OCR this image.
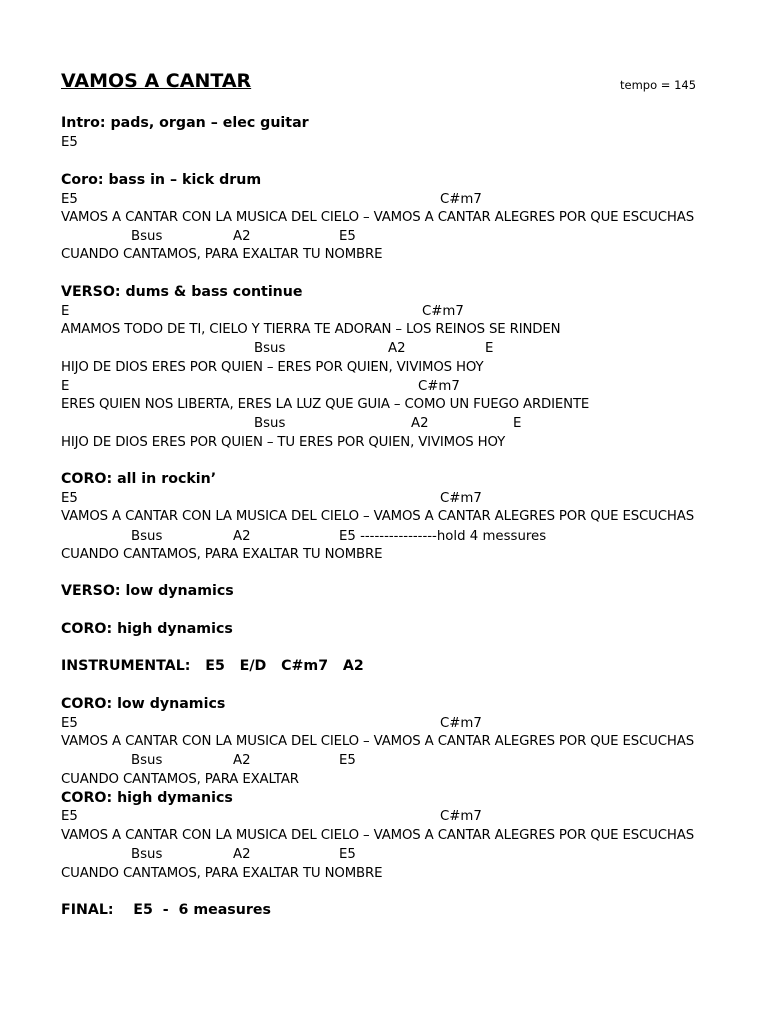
VAMOS A CANTAR	tempo = 145
Intro: pads, organ – elec guitar
E5
Coro: bass in – kick drum
E5	C#m7
VAMOS A CANTAR CON LA MUSICA DEL CIELO – VAMOS A CANTAR ALEGRES POR QUE ESCUCHAS
Bsus	A2	E5
CUANDO CANTAMOS, PARA EXALTAR TU NOMBRE
VERSO: dums & bass continue
E	C#m7
AMAMOS TODO DE TI, CIELO Y TIERRA TE ADORAN – LOS REINOS SE RINDEN
Bsus	A2	E
HIJO DE DIOS ERES POR QUIEN – ERES POR QUIEN, VIVIMOS HOY
E	C#m7
ERES QUIEN NOS LIBERTA, ERES LA LUZ QUE GUIA – COMO UN FUEGO ARDIENTE
Bsus	A2	E
HIJO DE DIOS ERES POR QUIEN – TU ERES POR QUIEN, VIVIMOS HOY
CORO: all in rockin’
E5	C#m7
VAMOS A CANTAR CON LA MUSICA DEL CIELO – VAMOS A CANTAR ALEGRES POR QUE ESCUCHAS
Bsus	A2	E5 ----------------hold 4 messures
CUANDO CANTAMOS, PARA EXALTAR TU NOMBRE
VERSO: low dynamics
CORO: high dynamics
INSTRUMENTAL:   E5   E/D   C#m7   A2
CORO: low dynamics
E5	C#m7
VAMOS A CANTAR CON LA MUSICA DEL CIELO – VAMOS A CANTAR ALEGRES POR QUE ESCUCHAS
Bsus	A2	E5
CUANDO CANTAMOS, PARA EXALTAR
CORO: high dymanics
E5	C#m7
VAMOS A CANTAR CON LA MUSICA DEL CIELO – VAMOS A CANTAR ALEGRES POR QUE ESCUCHAS
Bsus	A2	E5
CUANDO CANTAMOS, PARA EXALTAR TU NOMBRE
FINAL:    E5  -  6 measures
